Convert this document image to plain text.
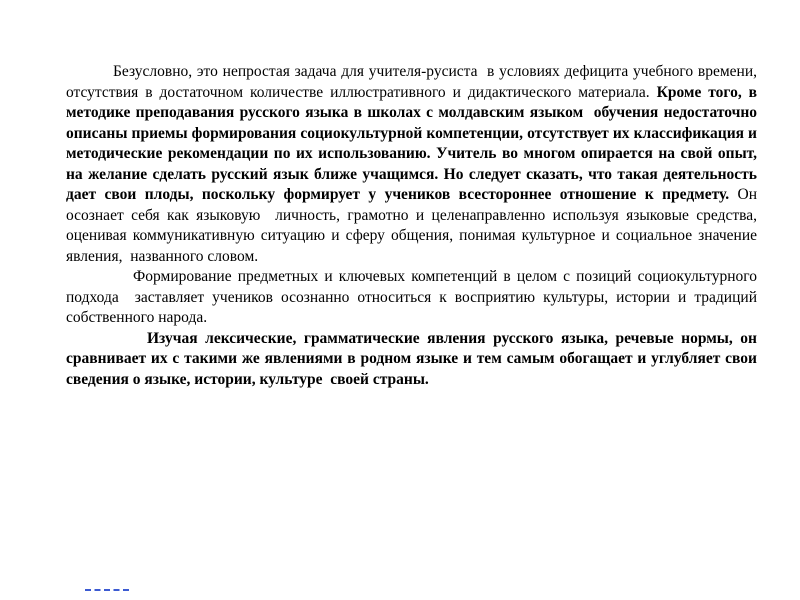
Безусловно, это непростая задача для учителя-русиста  в условиях дефицита учебного времени, отсутствия в достаточном количестве иллюстративного и дидактического материала. Кроме того, в методике преподавания русского языка в школах с молдавским языком  обучения недостаточно описаны приемы формирования социокультурной компетенции, отсутствует их классификация и методические рекомендации по их использованию. Учитель во многом опирается на свой опыт, на желание сделать русский язык ближе учащимся. Но следует сказать, что такая деятельность дает свои плоды, поскольку формирует у учеников всестороннее отношение к предмету. Он осознает себя как языковую  личность, грамотно и целенаправленно используя языковые средства, оценивая коммуникативную ситуацию и сферу общения, понимая культурное и социальное значение явления,  названного словом.

Формирование предметных и ключевых компетенций в целом с позиций социокультурного подхода  заставляет учеников осознанно относиться к восприятию культуры, истории и традиций собственного народа.

Изучая лексические, грамматические явления русского языка, речевые нормы, он сравнивает их с такими же явлениями в родном языке и тем самым обогащает и углубляет свои сведения о языке, истории, культуре  своей страны.
